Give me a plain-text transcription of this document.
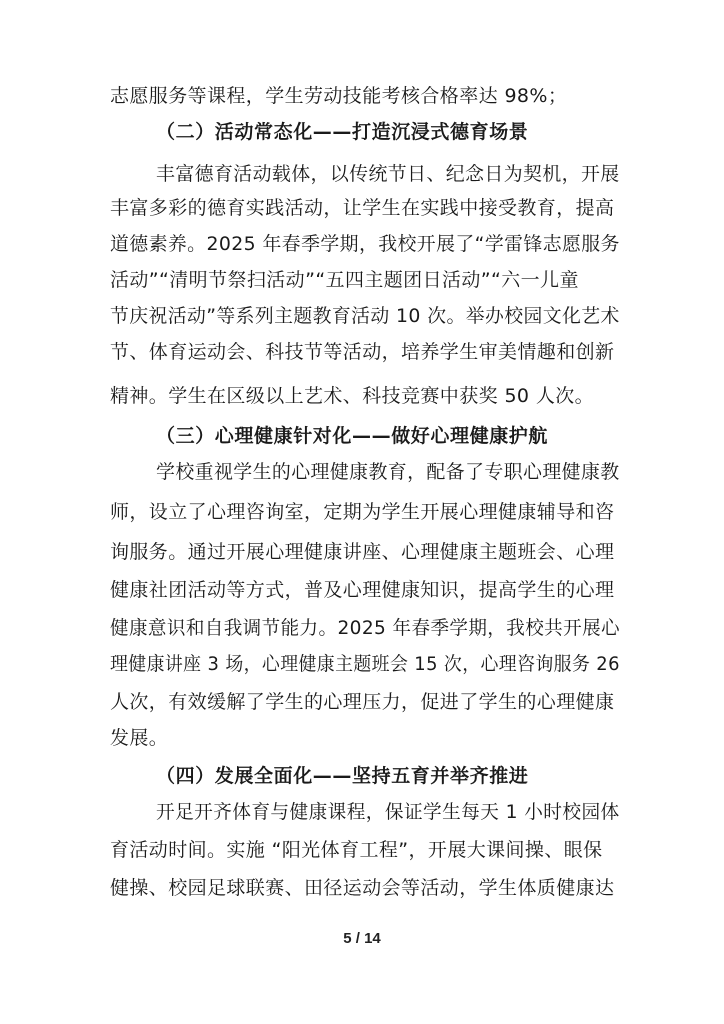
志愿服务等课程，学生劳动技能考核合格率达 98%；
（二）活动常态化——打造沉浸式德育场景
丰富德育活动载体，以传统节日、纪念日为契机，开展
丰富多彩的德育实践活动，让学生在实践中接受教育，提高
道德素养。2025 年春季学期，我校开展了“学雷锋志愿服务
活动”“清明节祭扫活动”“五四主题团日活动”“六一儿童
节庆祝活动”等系列主题教育活动 10 次。举办校园文化艺术
节、体育运动会、科技节等活动，培养学生审美情趣和创新
精神。学生在区级以上艺术、科技竞赛中获奖 50 人次。
（三）心理健康针对化——做好心理健康护航
学校重视学生的心理健康教育，配备了专职心理健康教
师，设立了心理咨询室，定期为学生开展心理健康辅导和咨
询服务。通过开展心理健康讲座、心理健康主题班会、心理
健康社团活动等方式，普及心理健康知识，提高学生的心理
健康意识和自我调节能力。2025 年春季学期，我校共开展心
理健康讲座 3 场，心理健康主题班会 15 次，心理咨询服务 26
人次，有效缓解了学生的心理压力，促进了学生的心理健康
发展。
（四）发展全面化——坚持五育并举齐推进
开足开齐体育与健康课程，保证学生每天 1 小时校园体
育活动时间。实施 “阳光体育工程”，开展大课间操、眼保
健操、校园足球联赛、田径运动会等活动，学生体质健康达
5 / 14
